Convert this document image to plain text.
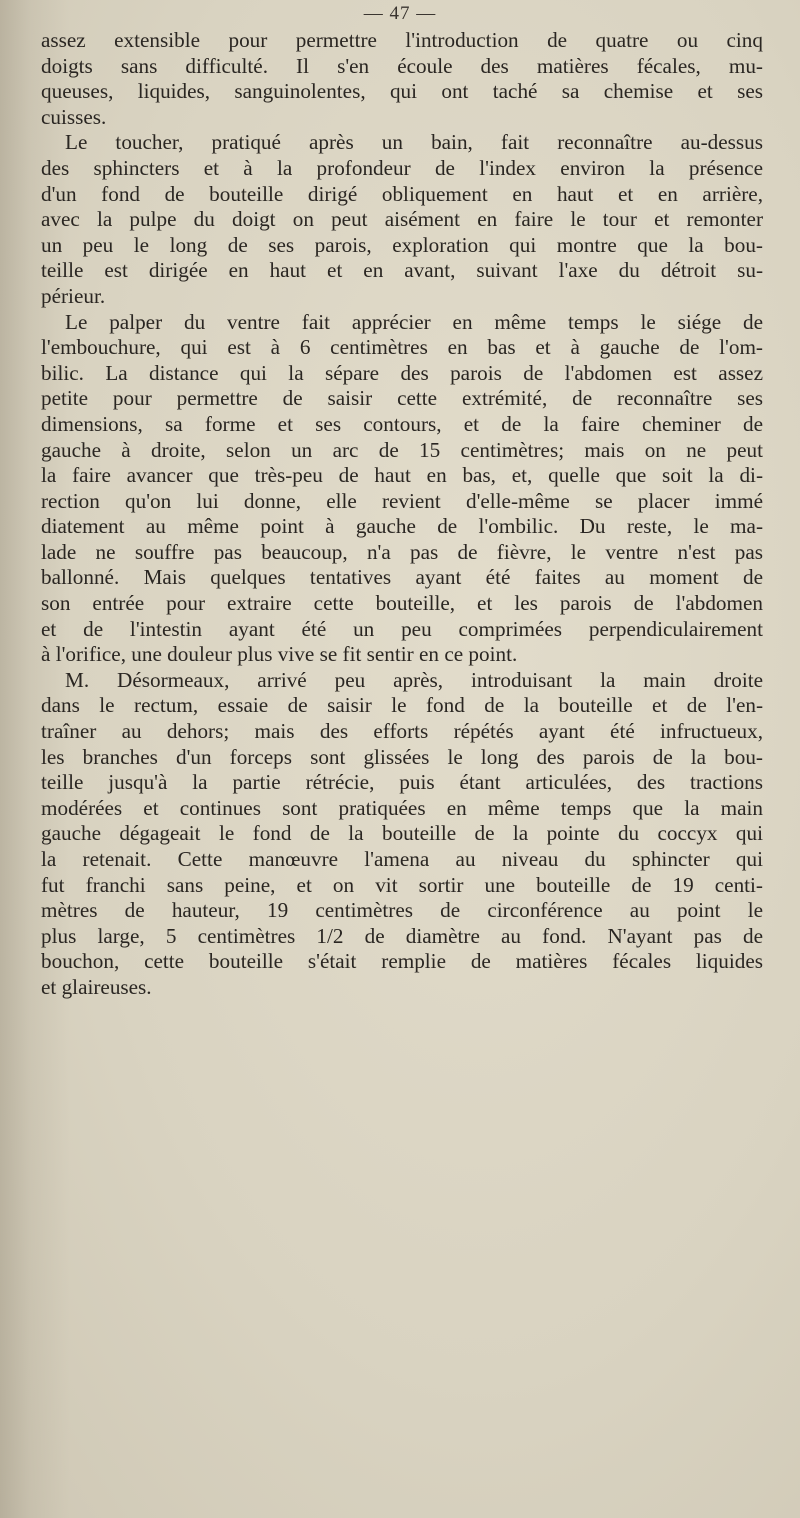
— 47 —

assez extensible pour permettre l'introduction de quatre ou cinq
doigts sans difficulté. Il s'en écoule des matières fécales, mu-
queuses, liquides, sanguinolentes, qui ont taché sa chemise et ses
cuisses.

Le toucher, pratiqué après un bain, fait reconnaître au-dessus
des sphincters et à la profondeur de l'index environ la présence
d'un fond de bouteille dirigé obliquement en haut et en arrière,
avec la pulpe du doigt on peut aisément en faire le tour et remonter
un peu le long de ses parois, exploration qui montre que la bou-
teille est dirigée en haut et en avant, suivant l'axe du détroit su-
périeur.

Le palper du ventre fait apprécier en même temps le siége de
l'embouchure, qui est à 6 centimètres en bas et à gauche de l'om-
bilic. La distance qui la sépare des parois de l'abdomen est assez
petite pour permettre de saisir cette extrémité, de reconnaître ses
dimensions, sa forme et ses contours, et de la faire cheminer de
gauche à droite, selon un arc de 15 centimètres; mais on ne peut
la faire avancer que très-peu de haut en bas, et, quelle que soit la di-
rection qu'on lui donne, elle revient d'elle-même se placer immé
diatement au même point à gauche de l'ombilic. Du reste, le ma-
lade ne souffre pas beaucoup, n'a pas de fièvre, le ventre n'est pas
ballonné. Mais quelques tentatives ayant été faites au moment de
son entrée pour extraire cette bouteille, et les parois de l'abdomen
et de l'intestin ayant été un peu comprimées perpendiculairement
à l'orifice, une douleur plus vive se fit sentir en ce point.

M. Désormeaux, arrivé peu après, introduisant la main droite
dans le rectum, essaie de saisir le fond de la bouteille et de l'en-
traîner au dehors; mais des efforts répétés ayant été infructueux,
les branches d'un forceps sont glissées le long des parois de la bou-
teille jusqu'à la partie rétrécie, puis étant articulées, des tractions
modérées et continues sont pratiquées en même temps que la main
gauche dégageait le fond de la bouteille de la pointe du coccyx qui
la retenait. Cette manœuvre l'amena au niveau du sphincter qui
fut franchi sans peine, et on vit sortir une bouteille de 19 centi-
mètres de hauteur, 19 centimètres de circonférence au point le
plus large, 5 centimètres 1/2 de diamètre au fond. N'ayant pas de
bouchon, cette bouteille s'était remplie de matières fécales liquides
et glaireuses.
